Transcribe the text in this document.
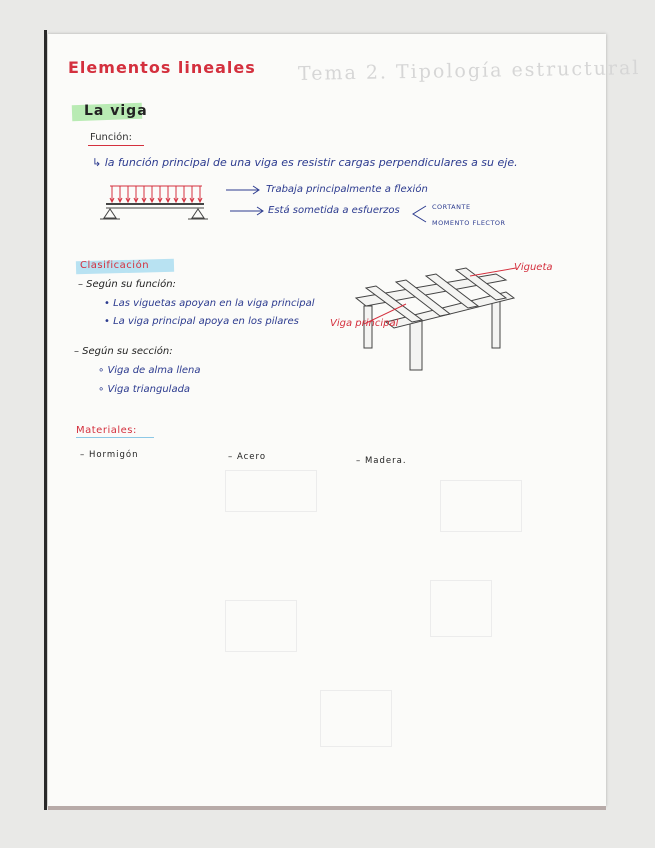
Tema 2. Tipología estructural
Elementos lineales
La viga
Función:
↳ la función principal de una viga es resistir cargas perpendiculares a su eje.
Trabaja principalmente a flexión
Está sometida a esfuerzos	CORTANTE
MOMENTO FLECTOR
Clasificación
– Según su función:
• Las viguetas apoyan en la viga principal
• La viga principal apoya en los pilares
– Según su sección:
∘ Viga de alma llena
∘ Viga triangulada
Vigueta
Viga principal
Materiales:
– Hormigón	– Acero	– Madera.
